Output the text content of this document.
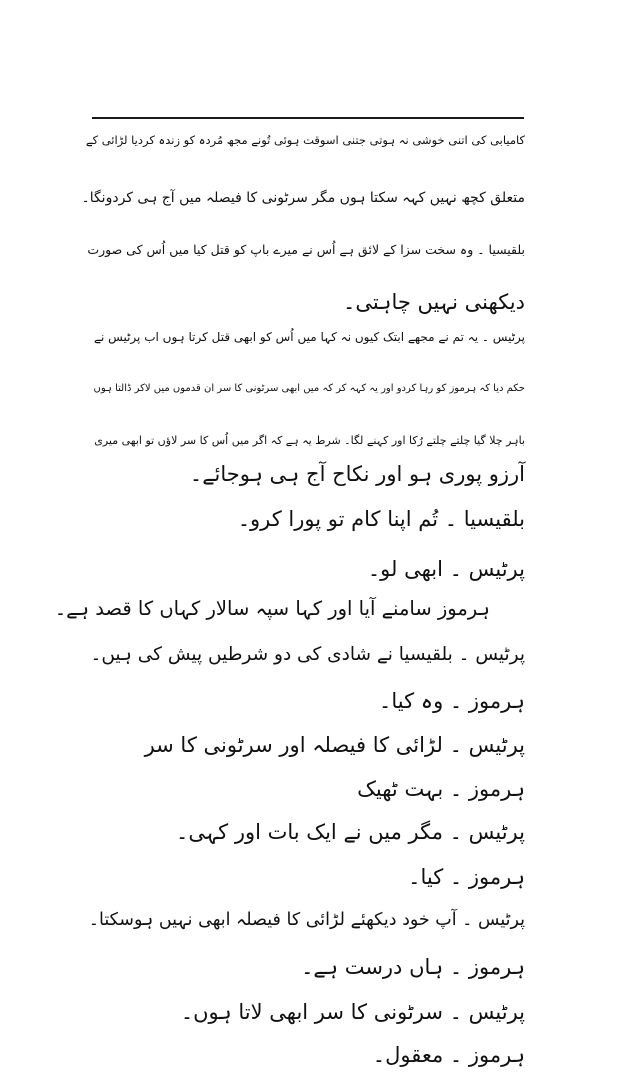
کامیابی کی اتنی خوشی نہ ہوتی جتنی اسوقت ہوئی تُونے مجھ مُردہ کو زندہ کردیا لڑائی کے
متعلق کچھ نہیں کہہ سکتا ہوں مگر سرٹونی کا فیصلہ میں آج ہی کردونگا۔
بلقیسیا ۔ وہ سخت سزا کے لائق ہے اُس نے میرے باپ کو قتل کیا میں اُس کی صورت
دیکھنی نہیں چاہتی۔
پرٹیس ۔ یہ تم نے مجھے ابتک کیوں نہ کہا میں اُس کو ابھی قتل کرتا ہوں اب پرٹیس نے
حکم دیا کہ ہرموز کو رہا کردو اور یہ کہہ کر کہ میں ابھی سرٹونی کا سر ان قدموں میں لاکر ڈالتا ہوں
باہر چلا گیا چلتے چلتے رُکا اور کہنے لگا۔ شرط یہ ہے کہ اگر میں اُس کا سر لاؤں تو ابھی میری
آرزو پوری ہو اور نکاح آج ہی ہوجائے۔
بلقیسیا ۔ تُم اپنا کام تو پورا کرو۔
پرٹیس ۔ ابھی لو۔
ہرموز سامنے آیا اور کہا سپہ سالار کہاں کا قصد ہے۔
پرٹیس ۔ بلقیسیا نے شادی کی دو شرطیں پیش کی ہیں۔
ہرموز ۔ وہ کیا۔
پرٹیس ۔ لڑائی کا فیصلہ اور سرٹونی کا سر
ہرموز ۔ بہت ٹھیک
پرٹیس ۔ مگر میں نے ایک بات اور کہی۔
ہرموز ۔ کیا۔
پرٹیس ۔ آپ خود دیکھئے لڑائی کا فیصلہ ابھی نہیں ہوسکتا۔
ہرموز ۔ ہاں درست ہے۔
پرٹیس ۔ سرٹونی کا سر ابھی لاتا ہوں۔
ہرموز ۔ معقول۔
